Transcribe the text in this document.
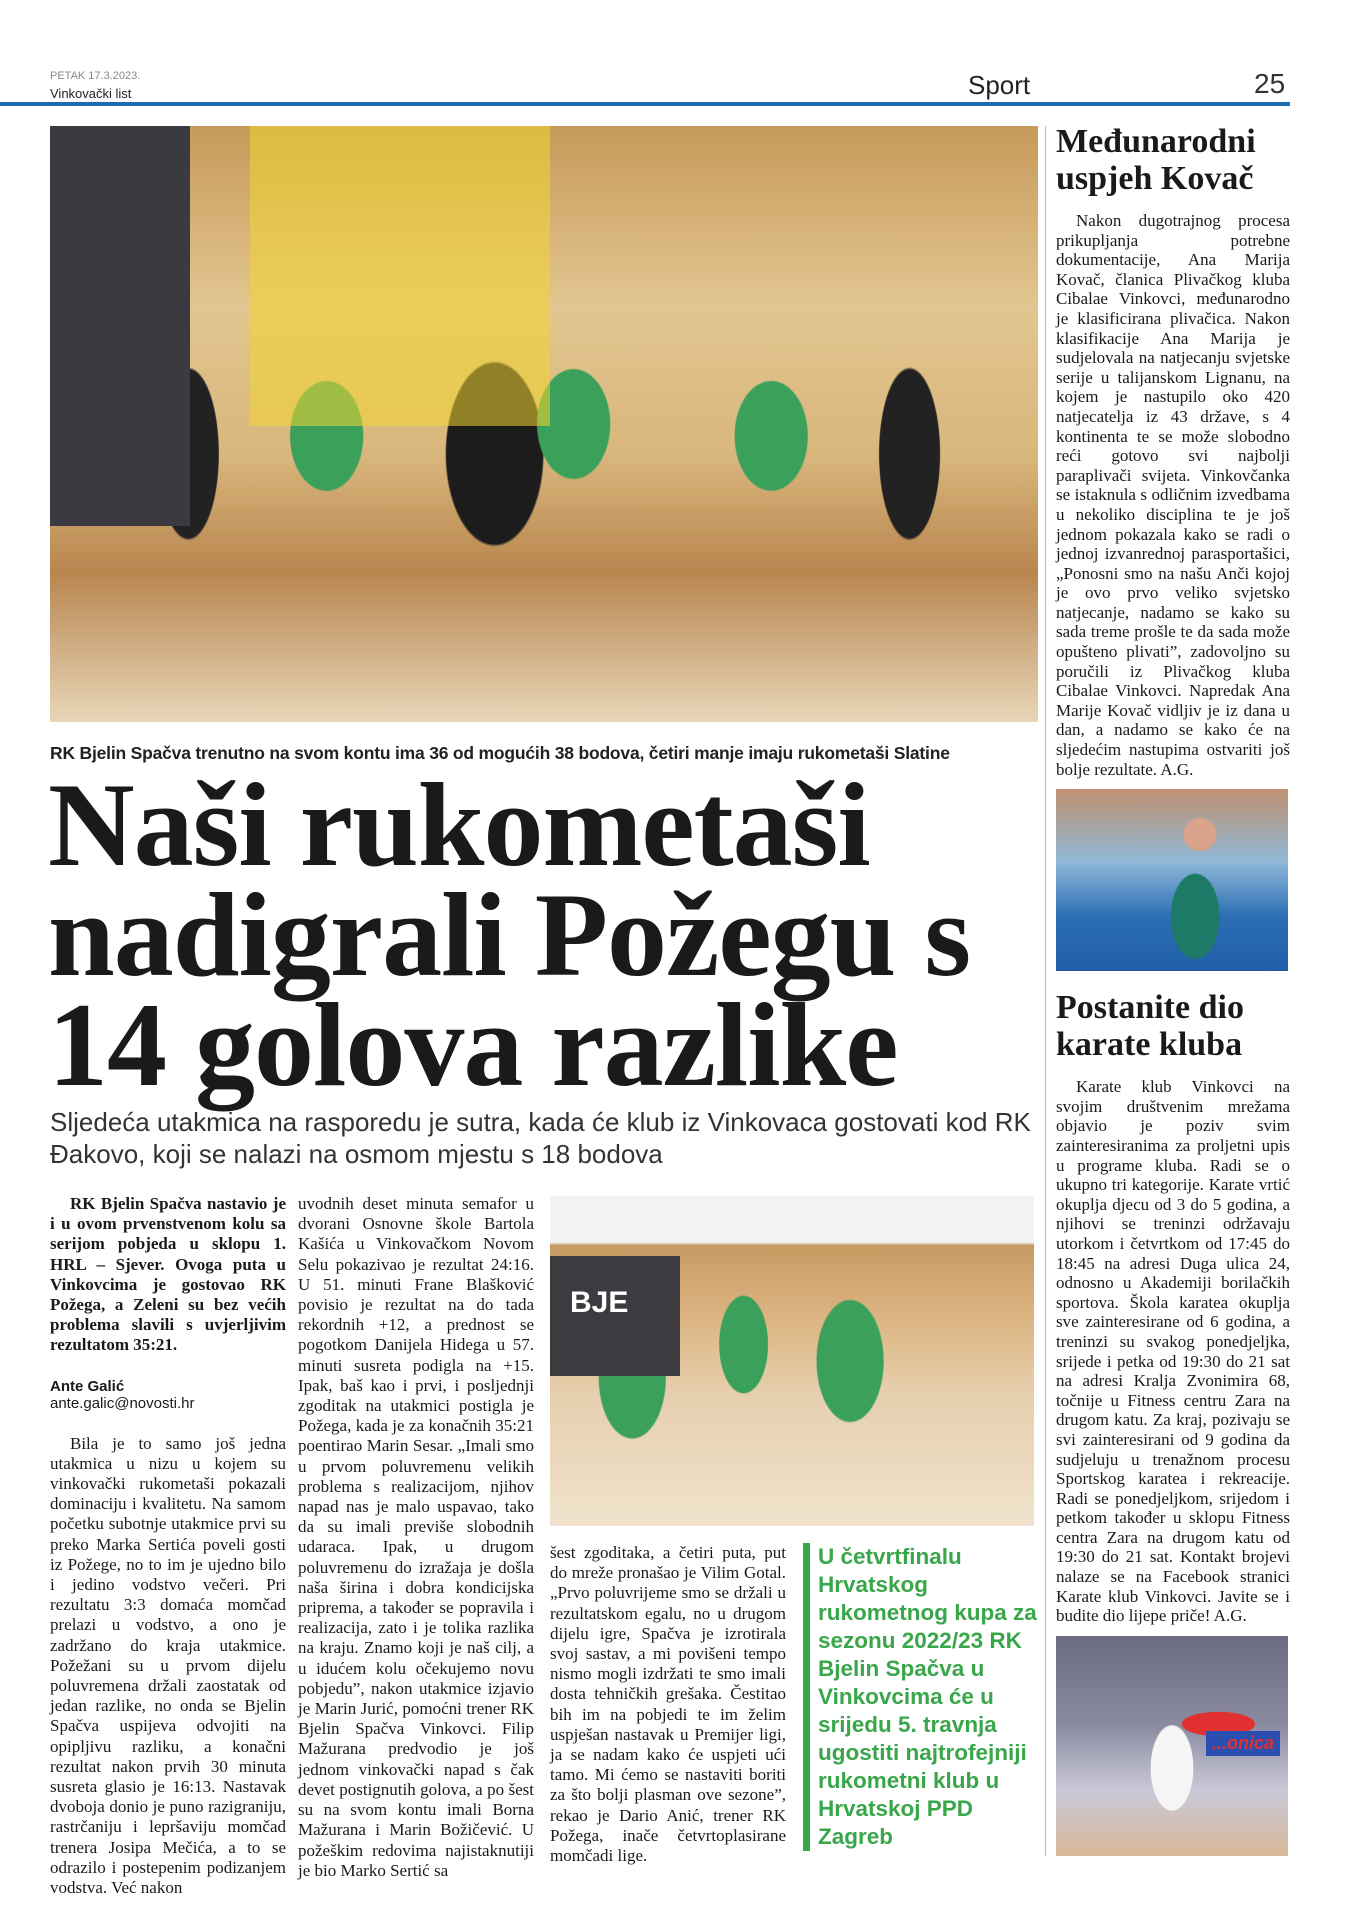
PETAK 17.3.2023.
Vinkovački list	Sport	25
RK Bjelin Spačva trenutno na svom kontu ima 36 od mogućih 38 bodova, četiri manje imaju rukometaši Slatine
Naši rukometaši nadigrali Požegu s 14 golova razlike
Sljedeća utakmica na rasporedu je sutra, kada će klub iz Vinkovaca gostovati kod RK Đakovo, koji se nalazi na osmom mjestu s 18 bodova

RK Bjelin Spačva nastavio je i u ovom prvenstvenom kolu sa serijom pobjeda u sklopu 1. HRL – Sjever. Ovoga puta u Vinkovcima je gostovao RK Požega, a Zeleni su bez većih problema slavili s uvjerljivim rezultatom 35:21.

Ante Galić
ante.galic@novosti.hr

Bila je to samo još jedna utakmica u nizu u kojem su vinkovački rukometaši pokazali dominaciju i kvalitetu. Na samom početku subotnje utakmice prvi su preko Marka Sertića poveli gosti iz Požege, no to im je ujedno bilo i jedino vodstvo večeri. Pri rezultatu 3:3 domaća momčad prelazi u vodstvo, a ono je zadržano do kraja utakmice. Požežani su u prvom dijelu poluvremena držali zaostatak od jedan razlike, no onda se Bjelin Spačva uspijeva odvojiti na opipljivu razliku, a konačni rezultat nakon prvih 30 minuta susreta glasio je 16:13. Nastavak dvoboja donio je puno razigraniju, rastrčaniju i lepršaviju momčad trenera Josipa Mečića, a to se odrazilo i postepenim podizanjem vodstva. Već nakon

uvodnih deset minuta semafor u dvorani Osnovne škole Bartola Kašića u Vinkovačkom Novom Selu pokazivao je rezultat 24:16. U 51. minuti Frane Blašković povisio je rezultat na do tada rekordnih +12, a prednost se pogotkom Danijela Hidega u 57. minuti susreta podigla na +15. Ipak, baš kao i prvi, i posljednji zgoditak na utakmici postigla je Požega, kada je za konačnih 35:21 poentirao Marin Sesar. „Imali smo u prvom poluvremenu velikih problema s realizacijom, njihov napad nas je malo uspavao, tako da su imali previše slobodnih udaraca. Ipak, u drugom poluvremenu do izražaja je došla naša širina i dobra kondicijska priprema, a također se popravila i realizacija, zato i je tolika razlika na kraju. Znamo koji je naš cilj, a u idućem kolu očekujemo novu pobjedu”, nakon utakmice izjavio je Marin Jurić, pomoćni trener RK Bjelin Spačva Vinkovci. Filip Mažurana predvodio je još jednom vinkovački napad s čak devet postignutih golova, a po šest su na svom kontu imali Borna Mažurana i Marin Božičević. U požeškim redovima najistaknutiji je bio Marko Sertić sa

BJE

šest zgoditaka, a četiri puta, put do mreže pronašao je Vilim Gotal. „Prvo poluvrijeme smo se držali u rezultatskom egalu, no u drugom dijelu igre, Spačva je izrotirala svoj sastav, a mi povišeni tempo nismo mogli izdržati te smo imali dosta tehničkih grešaka. Čestitao bih im na pobjedi te im želim uspješan nastavak u Premijer ligi, ja se nadam kako će uspjeti ući tamo. Mi ćemo se nastaviti boriti za što bolji plasman ove sezone”, rekao je Dario Anić, trener RK Požega, inače četvrtoplasirane momčadi lige.

U četvrtfinalu Hrvatskog rukometnog kupa za sezonu 2022/23 RK Bjelin Spačva u Vinkovcima će u srijedu 5. travnja ugostiti najtrofejniji rukometni klub u Hrvatskoj PPD Zagreb
Međunarodni uspjeh Kovač

Nakon dugotrajnog procesa prikupljanja potrebne dokumentacije, Ana Marija Kovač, članica Plivačkog kluba Cibalae Vinkovci, međunarodno je klasificirana plivačica. Nakon klasifikacije Ana Marija je sudjelovala na natjecanju svjetske serije u talijanskom Lignanu, na kojem je nastupilo oko 420 natjecatelja iz 43 države, s 4 kontinenta te se može slobodno reći gotovo svi najbolji paraplivači svijeta. Vinkovčanka se istaknula s odličnim izvedbama u nekoliko disciplina te je još jednom pokazala kako se radi o jednoj izvanrednoj parasportašici, „Ponosni smo na našu Anči kojoj je ovo prvo veliko svjetsko natjecanje, nadamo se kako su sada treme prošle te da sada može opušteno plivati”, zadovoljno su poručili iz Plivačkog kluba Cibalae Vinkovci. Napredak Ana Marije Kovač vidljiv je iz dana u dan, a nadamo se kako će na sljedećim nastupima ostvariti još bolje rezultate. A.G.

Postanite dio karate kluba

Karate klub Vinkovci na svojim društvenim mrežama objavio je poziv svim zainteresiranima za proljetni upis u programe kluba. Radi se o ukupno tri kategorije. Karate vrtić okuplja djecu od 3 do 5 godina, a njihovi se treninzi održavaju utorkom i četvrtkom od 17:45 do 18:45 na adresi Duga ulica 24, odnosno u Akademiji borilačkih sportova. Škola karatea okuplja sve zainteresirane od 6 godina, a treninzi su svakog ponedjeljka, srijede i petka od 19:30 do 21 sat na adresi Kralja Zvonimira 68, točnije u Fitness centru Zara na drugom katu. Za kraj, pozivaju se svi zainteresirani od 9 godina da sudjeluju u trenažnom procesu Sportskog karatea i rekreacije. Radi se ponedjeljkom, srijedom i petkom također u sklopu Fitness centra Zara na drugom katu od 19:30 do 21 sat. Kontakt brojevi nalaze se na Facebook stranici Karate klub Vinkovci. Javite se i budite dio lijepe priče! A.G.

...onica
